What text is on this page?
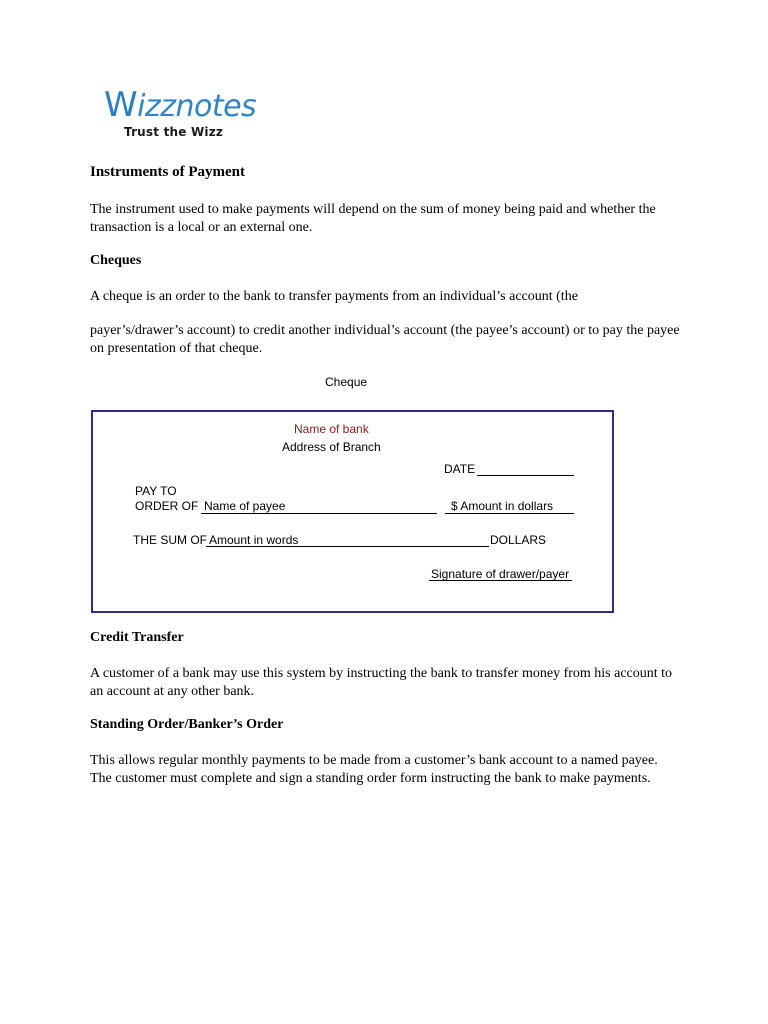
Wizznotes
Trust the Wizz
Instruments of Payment
The instrument used to make payments will depend on the sum of money being paid and whether the transaction is a local or an external one.
Cheques
A cheque is an order to the bank to transfer payments from an individual’s account (the
payer’s/drawer’s account) to credit another individual’s account (the payee’s account) or to pay the payee on presentation of that cheque.
Cheque
Name of bank
Address of Branch
DATE
PAY TO
ORDER OF Name of payee	$ Amount in dollars
THE SUM OF Amount in words	DOLLARS
Signature of drawer/payer
Credit Transfer
A customer of a bank may use this system by instructing the bank to transfer money from his account to an account at any other bank.
Standing Order/Banker’s Order
This allows regular monthly payments to be made from a customer’s bank account to a named payee. The customer must complete and sign a standing order form instructing the bank to make payments.
